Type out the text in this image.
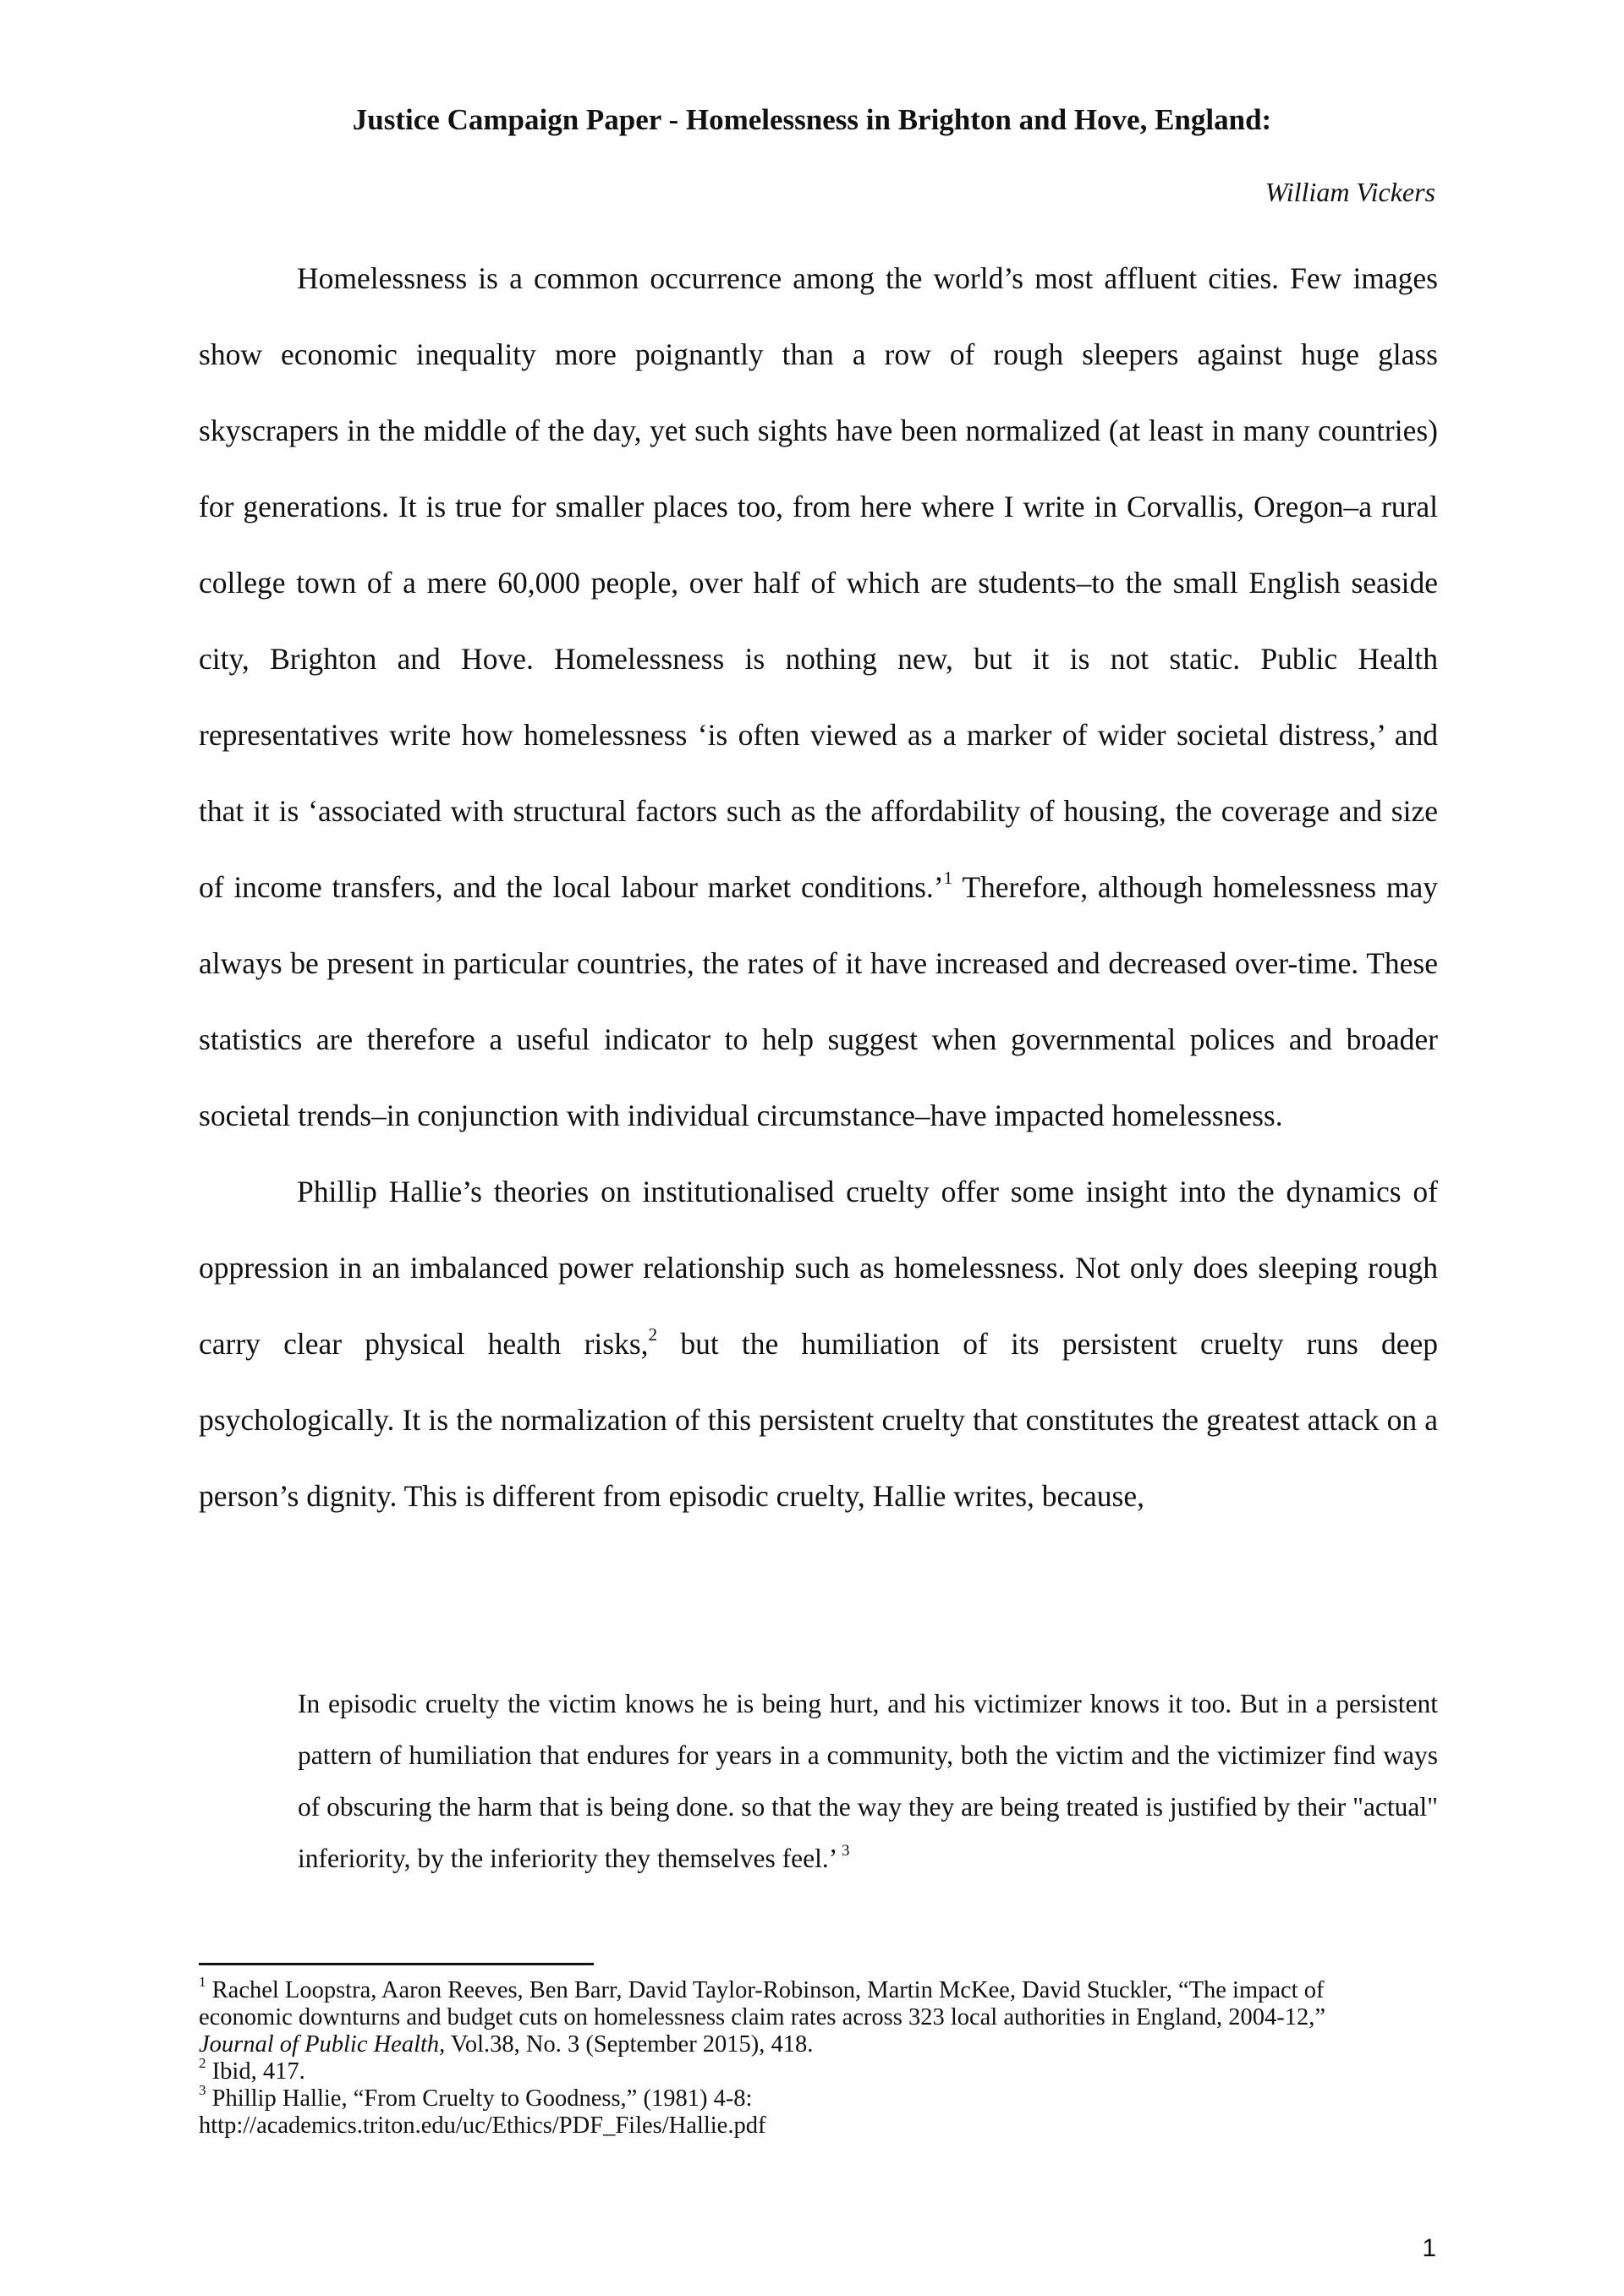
Justice Campaign Paper - Homelessness in Brighton and Hove, England:

William Vickers

Homelessness is a common occurrence among the world’s most affluent cities. Few images show economic inequality more poignantly than a row of rough sleepers against huge glass skyscrapers in the middle of the day, yet such sights have been normalized (at least in many countries) for generations. It is true for smaller places too, from here where I write in Corvallis, Oregon–a rural college town of a mere 60,000 people, over half of which are students–to the small English seaside city, Brighton and Hove. Homelessness is nothing new, but it is not static. Public Health representatives write how homelessness ‘is often viewed as a marker of wider societal distress,’ and that it is ‘associated with structural factors such as the affordability of housing, the coverage and size of income transfers, and the local labour market conditions.’$^1$ Therefore, although homelessness may always be present in particular countries, the rates of it have increased and decreased over-time. These statistics are therefore a useful indicator to help suggest when governmental polices and broader societal trends–in conjunction with individual circumstance–have impacted homelessness.

Phillip Hallie’s theories on institutionalised cruelty offer some insight into the dynamics of oppression in an imbalanced power relationship such as homelessness. Not only does sleeping rough carry clear physical health risks,$^2$ but the humiliation of its persistent cruelty runs deep psychologically. It is the normalization of this persistent cruelty that constitutes the greatest attack on a person’s dignity. This is different from episodic cruelty, Hallie writes, because,

In episodic cruelty the victim knows he is being hurt, and his victimizer knows it too. But in a persistent pattern of humiliation that endures for years in a community, both the victim and the victimizer find ways of obscuring the harm that is being done. so that the way they are being treated is justified by their "actual" inferiority, by the inferiority they themselves feel.’ $^3$

$^1$ Rachel Loopstra, Aaron Reeves, Ben Barr, David Taylor-Robinson, Martin McKee, David Stuckler, “The impact of economic downturns and budget cuts on homelessness claim rates across 323 local authorities in England, 2004-12,” Journal of Public Health, Vol.38, No. 3 (September 2015), 418.

$^2$ Ibid, 417.

$^3$ Phillip Hallie, “From Cruelty to Goodness,” (1981) 4-8:

http://academics.triton.edu/uc/Ethics/PDF_Files/Hallie.pdf

1
